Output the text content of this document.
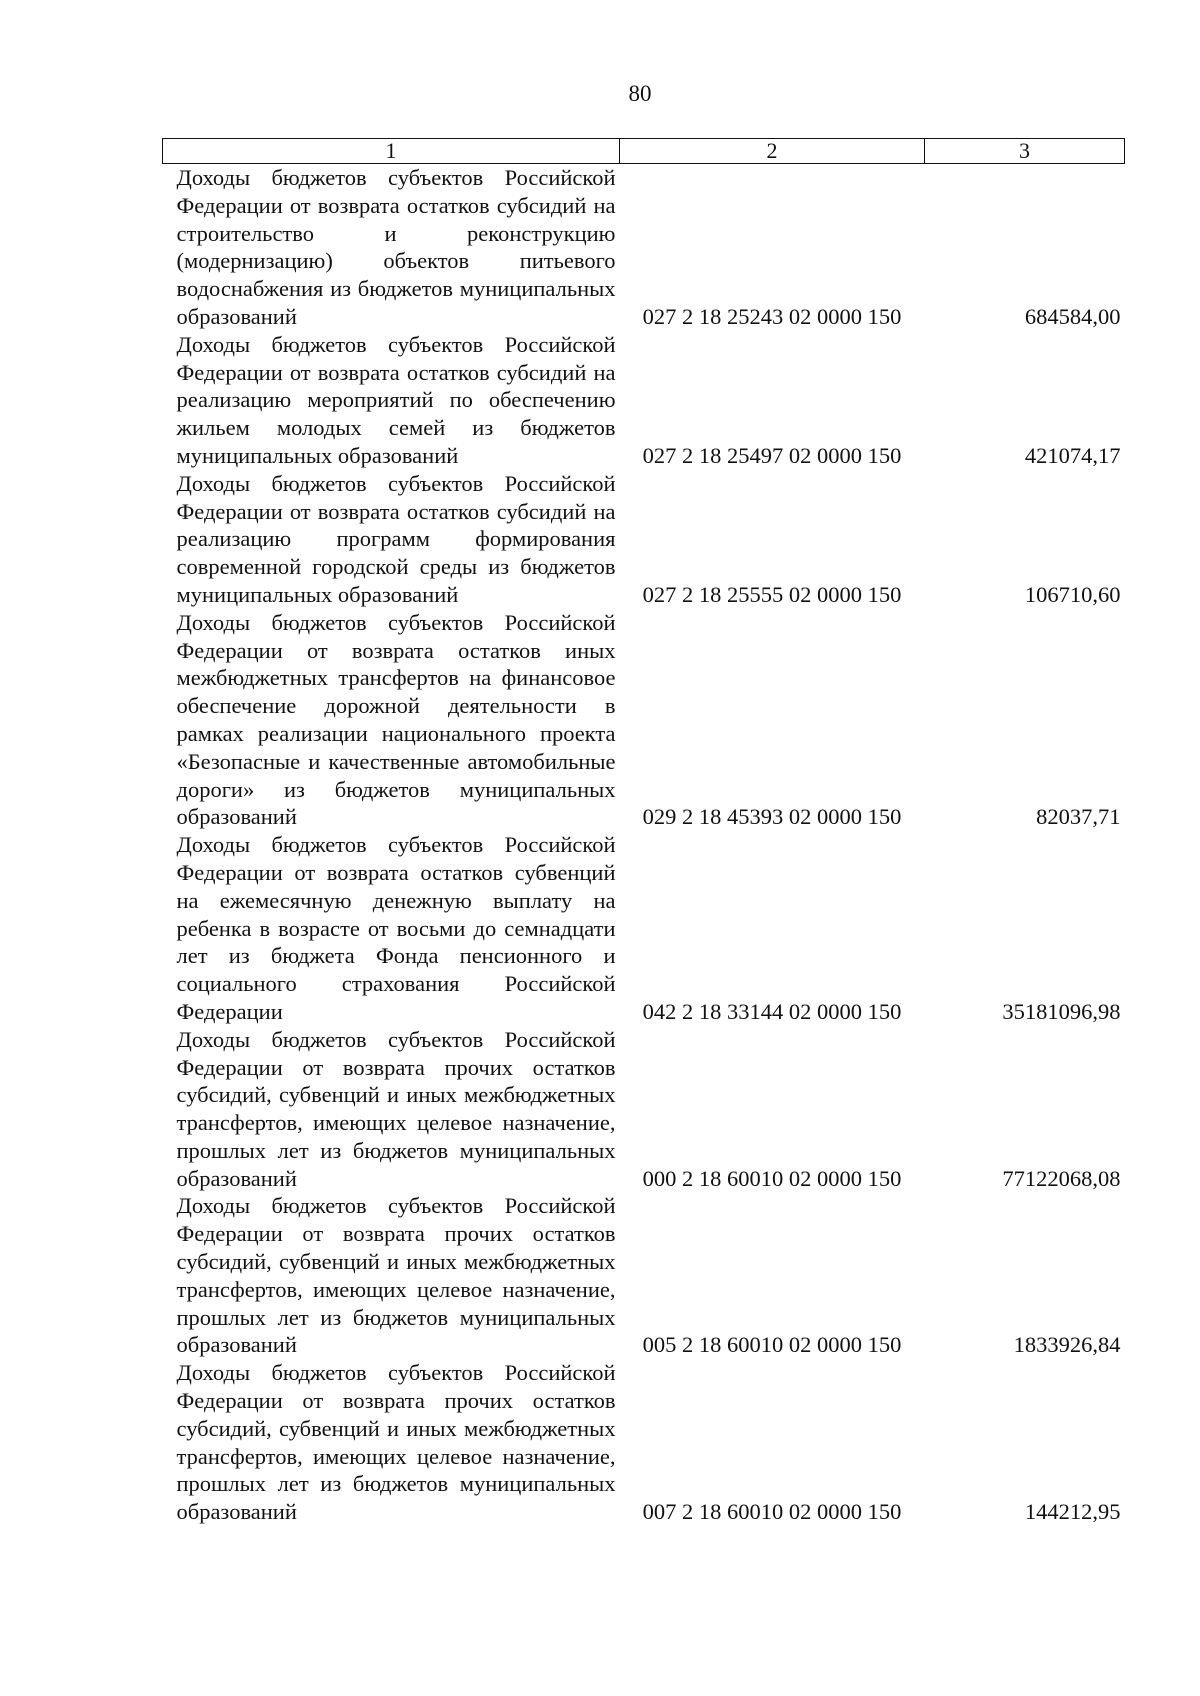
80
1	2	3
Доходы бюджетов субъектов Российской Федерации от возврата остатков субсидий на строительство и реконструкцию (модернизацию) объектов питьевого водоснабжения из бюджетов муниципальных образований	027 2 18 25243 02 0000 150	684584,00
Доходы бюджетов субъектов Российской Федерации от возврата остатков субсидий на реализацию мероприятий по обеспечению жильем молодых семей из бюджетов муниципальных образований	027 2 18 25497 02 0000 150	421074,17
Доходы бюджетов субъектов Российской Федерации от возврата остатков субсидий на реализацию программ формирования современной городской среды из бюджетов муниципальных образований	027 2 18 25555 02 0000 150	106710,60
Доходы бюджетов субъектов Российской Федерации от возврата остатков иных межбюджетных трансфертов на финансовое обеспечение дорожной деятельности в рамках реализации национального проекта «Безопасные и качественные автомобильные дороги» из бюджетов муниципальных образований	029 2 18 45393 02 0000 150	82037,71
Доходы бюджетов субъектов Российской Федерации от возврата остатков субвенций на ежемесячную денежную выплату на ребенка в возрасте от восьми до семнадцати лет из бюджета Фонда пенсионного и социального страхования Российской Федерации	042 2 18 33144 02 0000 150	35181096,98
Доходы бюджетов субъектов Российской Федерации от возврата прочих остатков субсидий, субвенций и иных межбюджетных трансфертов, имеющих целевое назначение, прошлых лет из бюджетов муниципальных образований	000 2 18 60010 02 0000 150	77122068,08
Доходы бюджетов субъектов Российской Федерации от возврата прочих остатков субсидий, субвенций и иных межбюджетных трансфертов, имеющих целевое назначение, прошлых лет из бюджетов муниципальных образований	005 2 18 60010 02 0000 150	1833926,84
Доходы бюджетов субъектов Российской Федерации от возврата прочих остатков субсидий, субвенций и иных межбюджетных трансфертов, имеющих целевое назначение, прошлых лет из бюджетов муниципальных образований	007 2 18 60010 02 0000 150	144212,95
